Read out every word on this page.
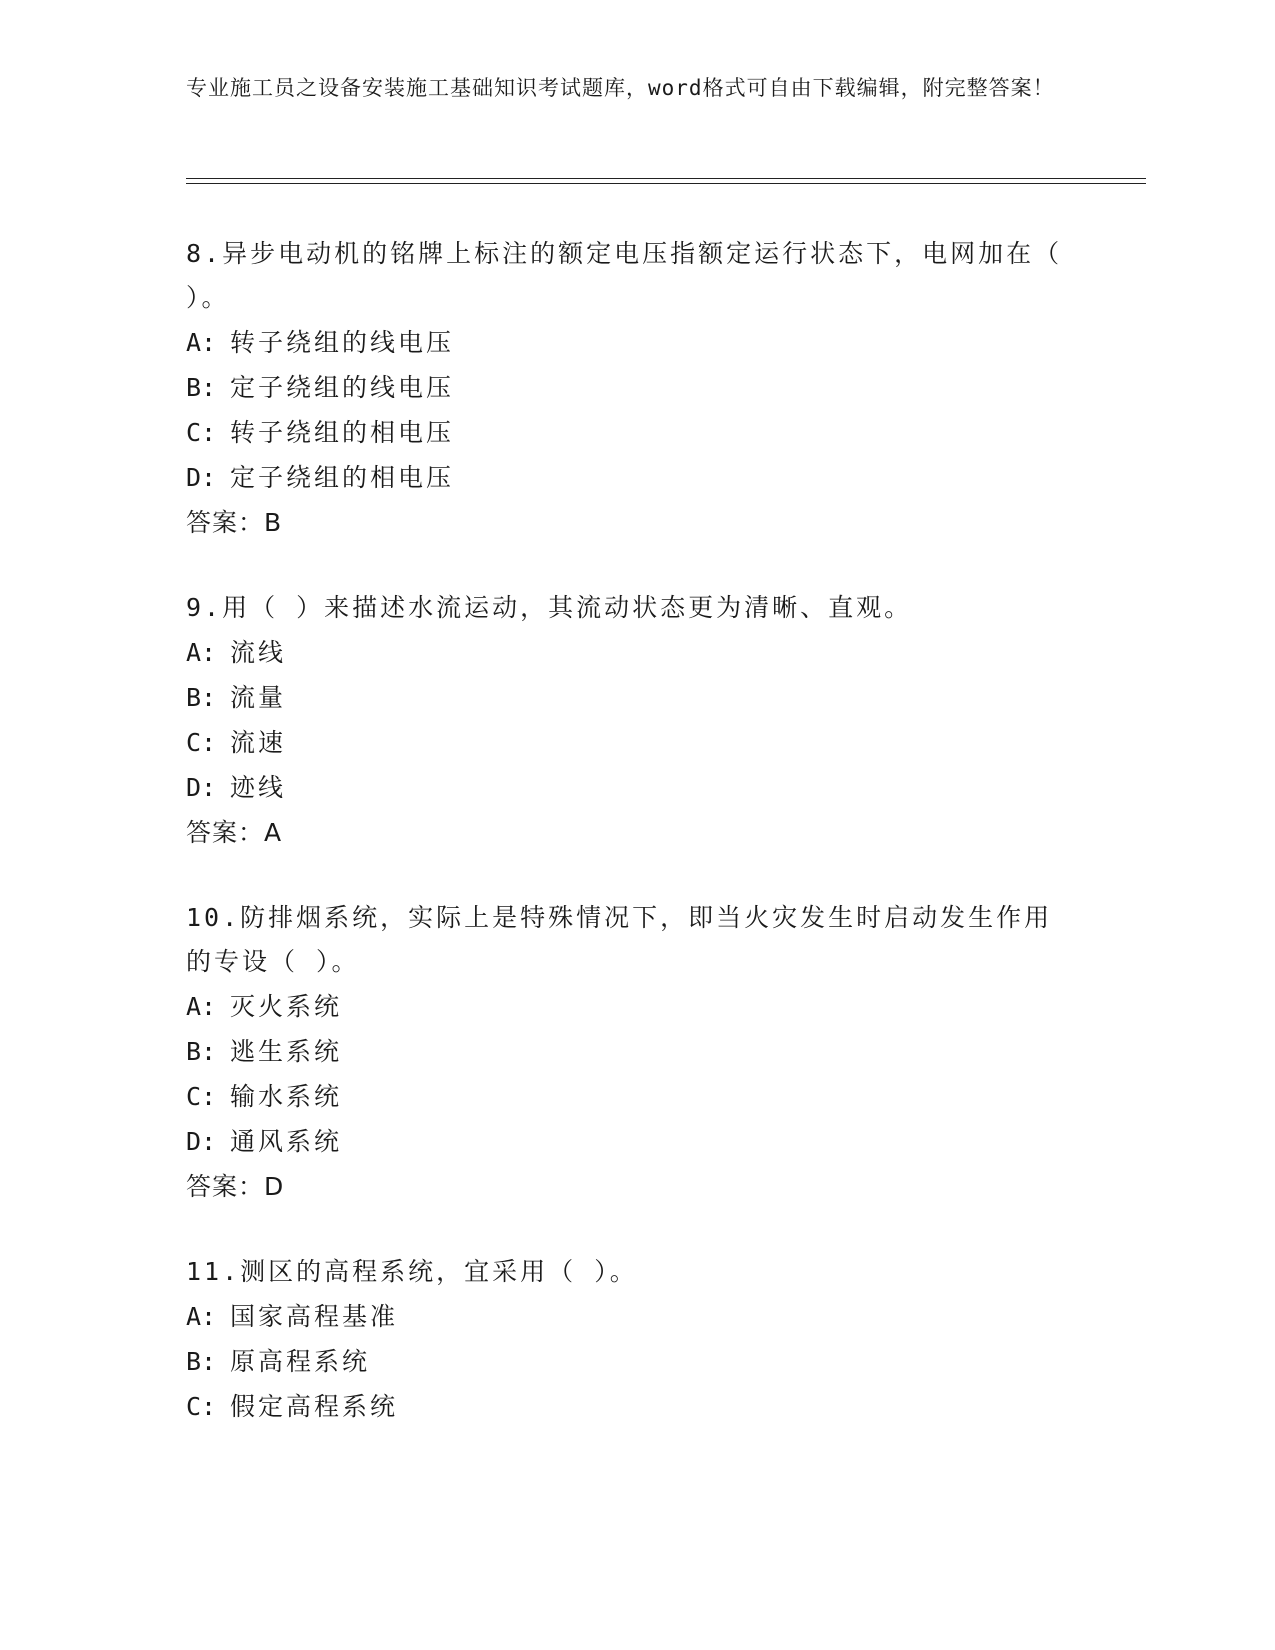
专业施工员之设备安装施工基础知识考试题库，word格式可自由下载编辑，附完整答案！
8.异步电动机的铭牌上标注的额定电压指额定运行状态下，电网加在（ ）。
A: 转子绕组的线电压
B: 定子绕组的线电压
C: 转子绕组的相电压
D: 定子绕组的相电压
答案：B
9.用（ ）来描述水流运动，其流动状态更为清晰、直观。
A: 流线
B: 流量
C: 流速
D: 迹线
答案：A
10.防排烟系统，实际上是特殊情况下，即当火灾发生时启动发生作用的专设（ ）。
A: 灭火系统
B: 逃生系统
C: 输水系统
D: 通风系统
答案：D
11.测区的高程系统，宜采用（ ）。
A: 国家高程基准
B: 原高程系统
C: 假定高程系统
